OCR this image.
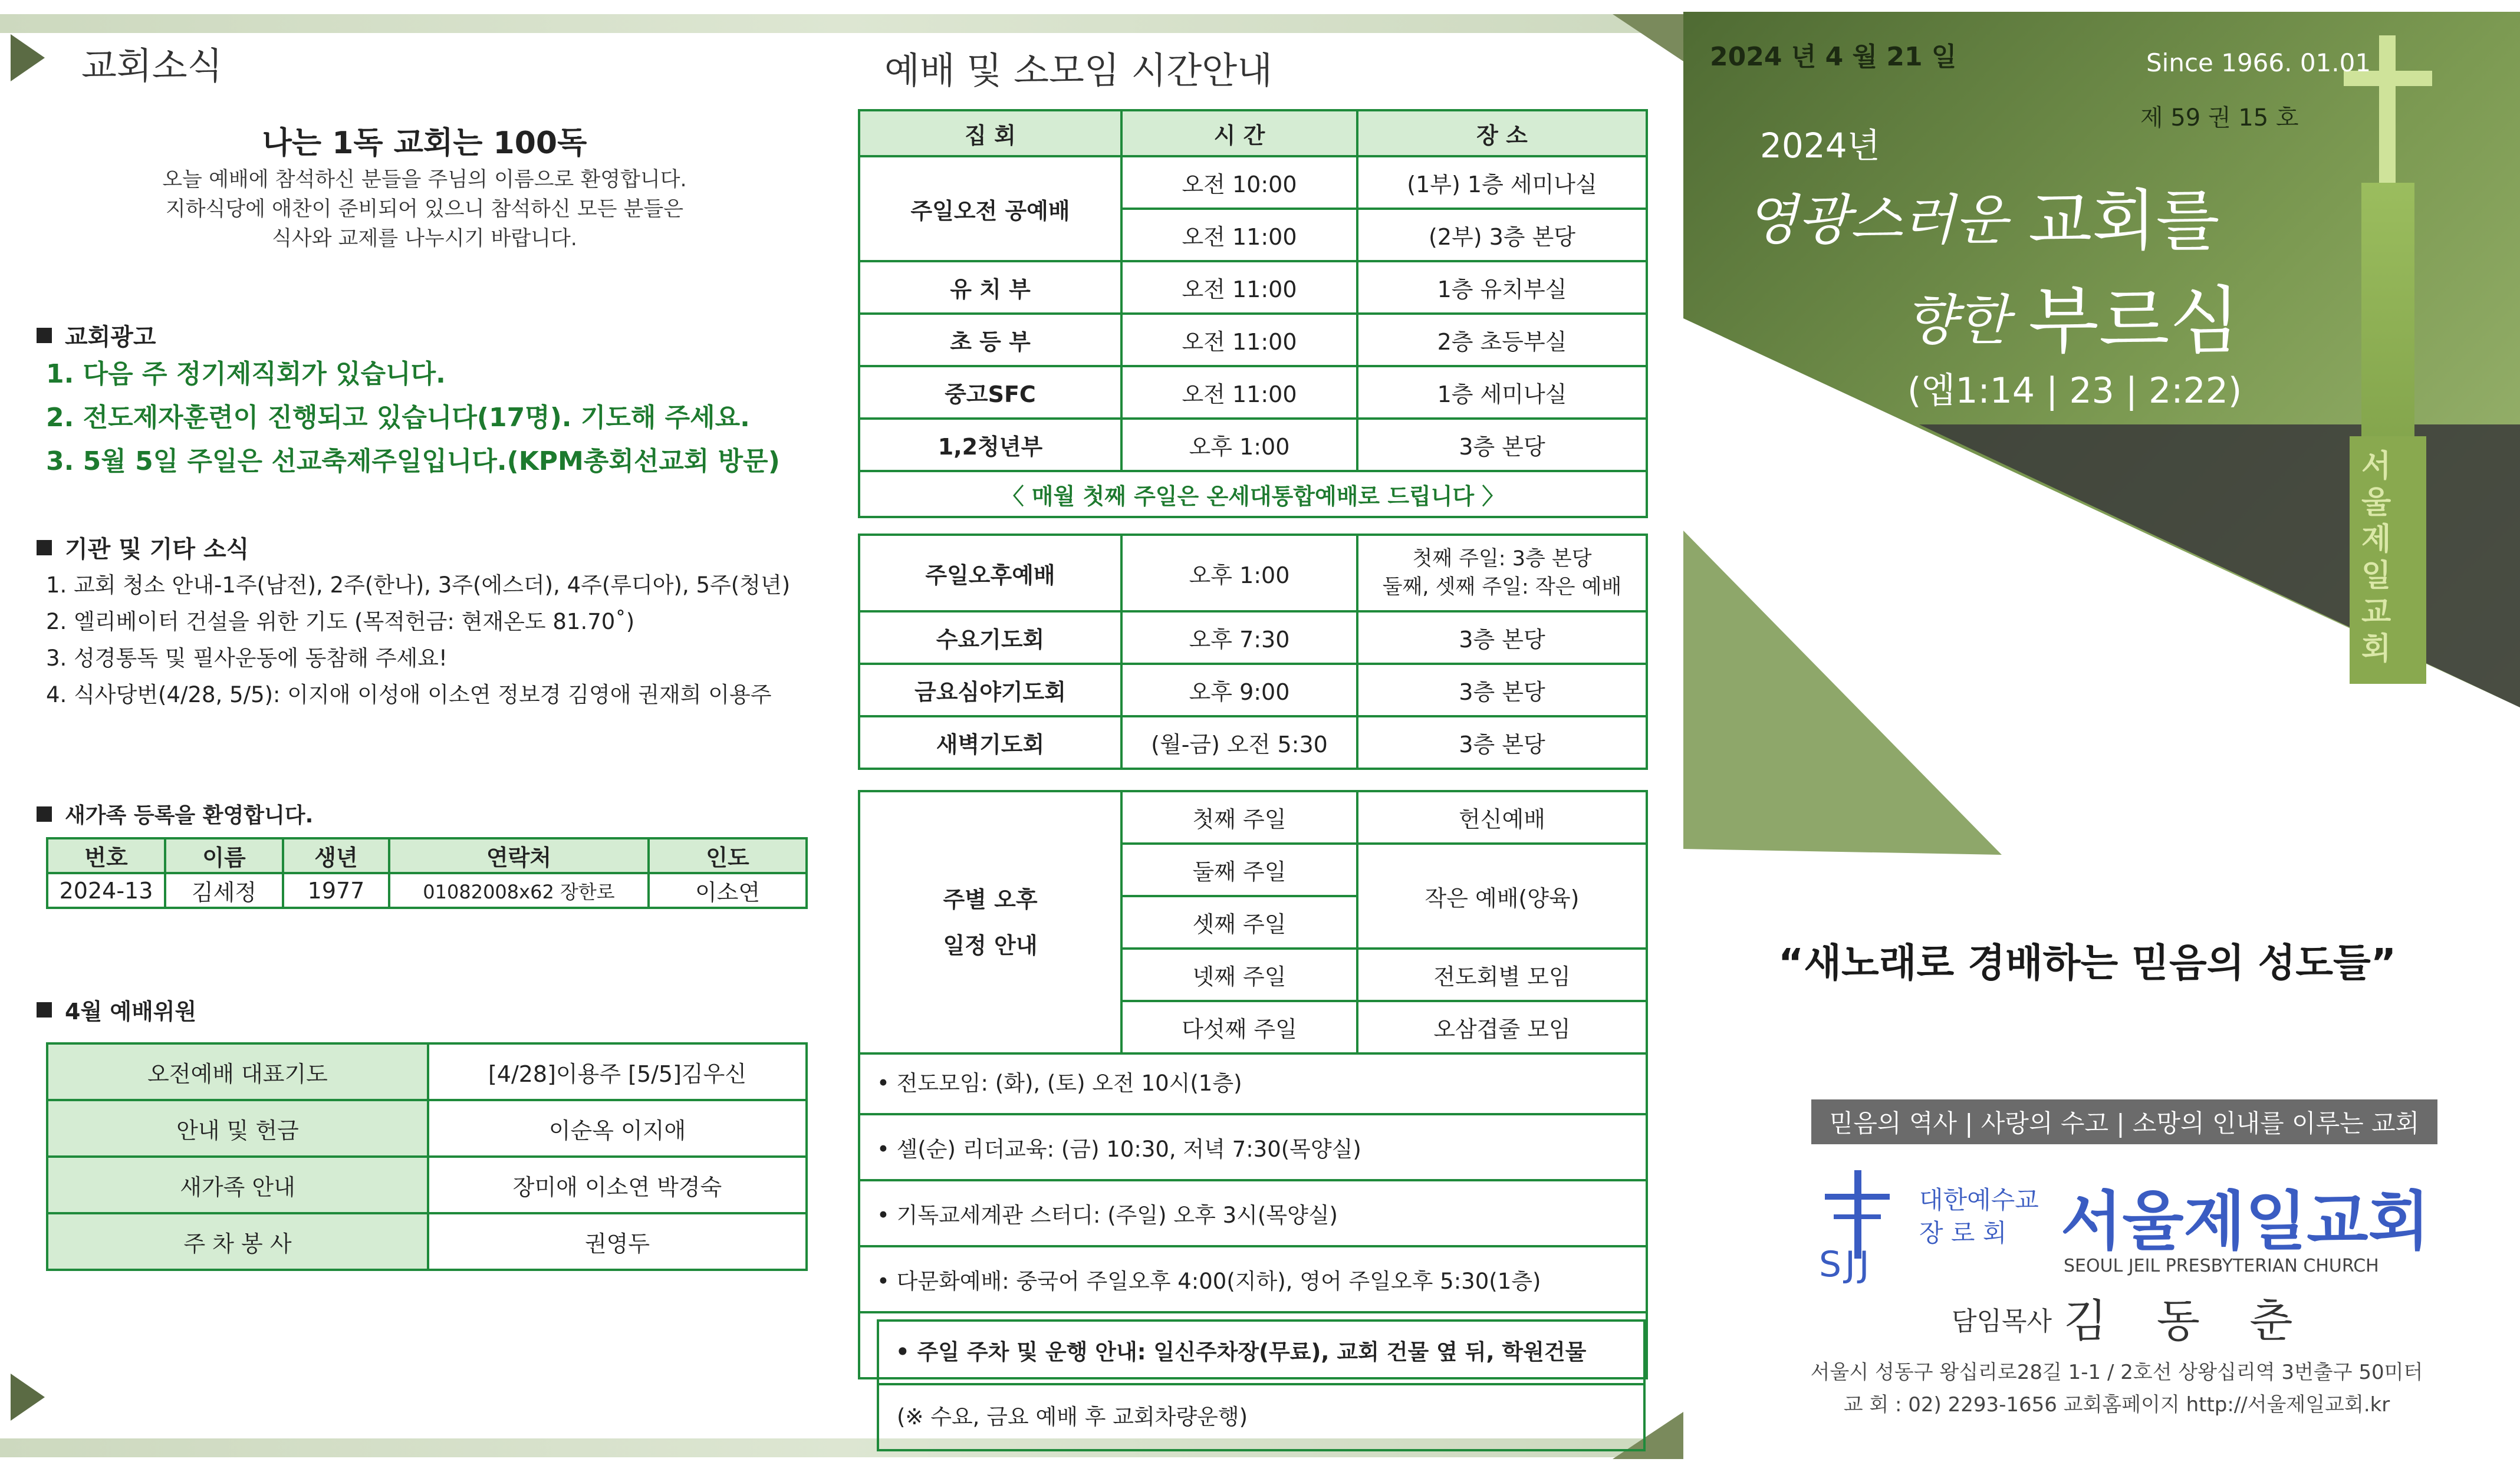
교회소식
나는 1독 교회는 100독
오늘 예배에 참석하신 분들을 주님의 이름으로 환영합니다.
지하식당에 애찬이 준비되어 있으니 참석하신 모든 분들은
식사와 교제를 나누시기 바랍니다.
교회광고
1. 다음 주 정기제직회가 있습니다.
2. 전도제자훈련이 진행되고 있습니다(17명). 기도해 주세요.
3. 5월 5일 주일은 선교축제주일입니다.(KPM총회선교회 방문)
기관 및 기타 소식
1. 교회 청소 안내-1주(남전), 2주(한나), 3주(에스더), 4주(루디아), 5주(청년)
2. 엘리베이터 건설을 위한 기도 (목적헌금: 현재온도 81.70˚)
3. 성경통독 및 필사운동에 동참해 주세요!
4. 식사당번(4/28, 5/5): 이지애 이성애 이소연 정보경 김영애 권재희 이용주
새가족 등록을 환영합니다.
번호	이름	생년	연락처	인도
2024-13	김세정	1977	01082008x62 장한로	이소연
4월 예배위원
오전예배 대표기도	[4/28]이용주 [5/5]김우신
안내 및 헌금	이순옥 이지애
새가족 안내	장미애 이소연 박경숙
주 차 봉 사	권영두
예배 및 소모임 시간안내
집 회	시 간	장 소
주일오전 공예배	오전 10:00	(1부) 1층 세미나실
	오전 11:00	(2부) 3층 본당
유 치 부	오전 11:00	1층 유치부실
초 등 부	오전 11:00	2층 초등부실
중고SFC	오전 11:00	1층 세미나실
1,2청년부	오후 1:00	3층 본당
〈 매월 첫째 주일은 온세대통합예배로 드립니다 〉		
주일오후예배	오후 1:00	첫째 주일: 3층 본당
둘째, 셋째 주일: 작은 예배

수요기도회	오후 7:30	3층 본당
금요심야기도회	오후 9:00	3층 본당
새벽기도회	(월-금) 오전 5:30	3층 본당
주별 오후
일정 안내	첫째 주일	헌신예배
	둘째 주일	작은 예배(양육)
	셋째 주일	
	넷째 주일	전도회별 모임
	다섯째 주일	오삼겹줄 모임
• 전도모임: (화), (토) 오전 10시(1층)
• 셀(순) 리더교육: (금) 10:30, 저녁 7:30(목양실)
• 기독교세계관 스터디: (주일) 오후 3시(목양실)
• 다문화예배: 중국어 주일오후 4:00(지하), 영어 주일오후 5:30(1층)
• 주일 주차 및 운행 안내: 일신주차장(무료), 교회 건물 옆 뒤, 학원건물
(※ 수요, 금요 예배 후 교회차량운행)
2024 년 4 월 21 일	Since 1966. 01.01
제 59 권 15 호
2024년
영광스러운 교회를
향한 부르심
(엡1:14 | 23 | 2:22)
서울제일교회
“새노래로 경배하는 믿음의 성도들”
믿음의 역사 | 사랑의 수고 | 소망의 인내를 이루는 교회
SJJ
대한예수교
장 로 회 서울제일교회
SEOUL JEIL PRESBYTERIAN CHURCH
담임목사 김 동 춘
서울시 성동구 왕십리로28길 1-1 / 2호선 상왕십리역 3번출구 50미터
교 회 : 02) 2293-1656 교회홈페이지 http://서울제일교회.kr
